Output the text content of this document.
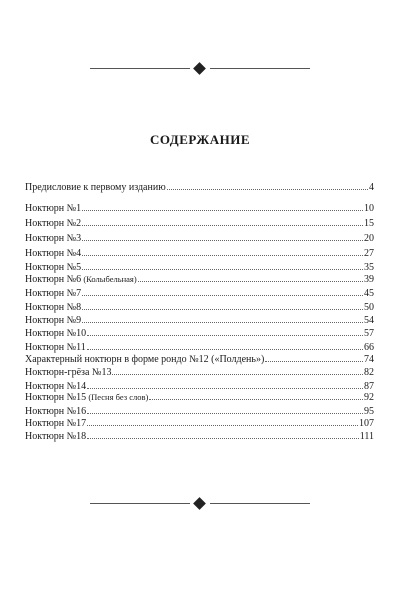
СОДЕРЖАНИЕ
Предисловие к первому изданию	4
Ноктюрн №1	10
Ноктюрн №2	15
Ноктюрн №3	20
Ноктюрн №4	27
Ноктюрн №5	35
Ноктюрн №6 (Колыбельная)	39
Ноктюрн №7	45
Ноктюрн №8	50
Ноктюрн №9	54
Ноктюрн №10	57
Ноктюрн №11	66
Характерный ноктюрн в форме рондо №12 («Полдень»)	74
Ноктюрн-грёза №13	82
Ноктюрн №14	87
Ноктюрн №15 (Песня без слов)	92
Ноктюрн №16	95
Ноктюрн №17	107
Ноктюрн №18	111
